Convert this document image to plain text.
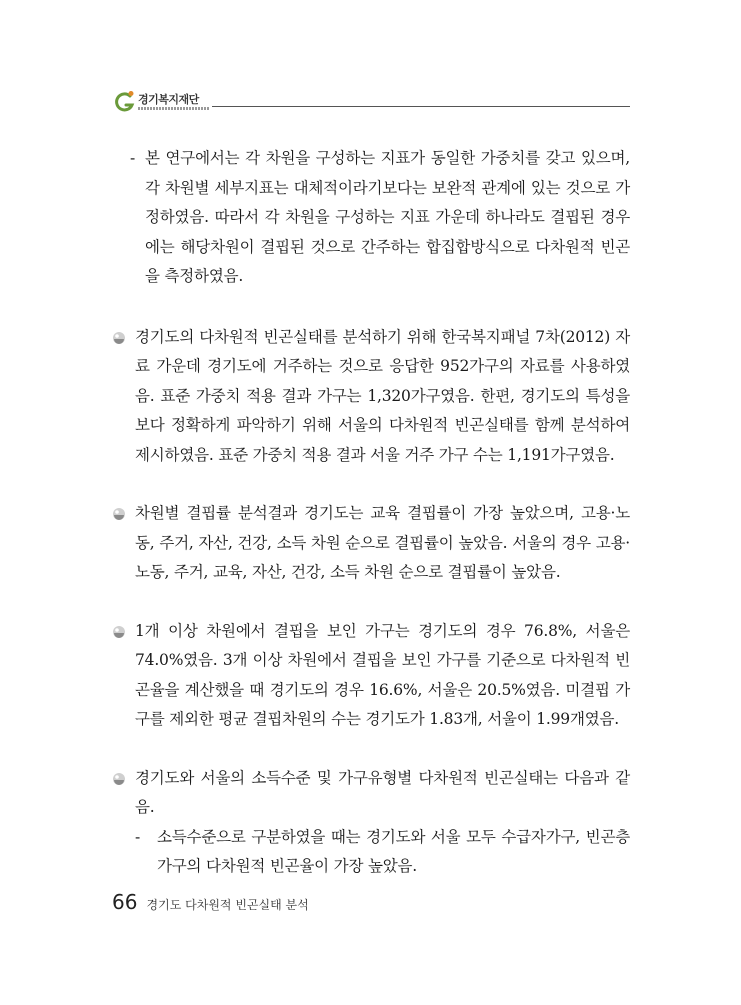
경기복지재단
- 본 연구에서는 각 차원을 구성하는 지표가 동일한 가중치를 갖고 있으며, 각 차원별 세부지표는 대체적이라기보다는 보완적 관계에 있는 것으로 가정하였음. 따라서 각 차원을 구성하는 지표 가운데 하나라도 결핍된 경우에는 해당차원이 결핍된 것으로 간주하는 합집합방식으로 다차원적 빈곤을 측정하였음.
경기도의 다차원적 빈곤실태를 분석하기 위해 한국복지패널 7차(2012) 자료 가운데 경기도에 거주하는 것으로 응답한 952가구의 자료를 사용하였음. 표준 가중치 적용 결과 가구는 1,320가구였음. 한편, 경기도의 특성을 보다 정확하게 파악하기 위해 서울의 다차원적 빈곤실태를 함께 분석하여 제시하였음. 표준 가중치 적용 결과 서울 거주 가구 수는 1,191가구였음.
차원별 결핍률 분석결과 경기도는 교육 결핍률이 가장 높았으며, 고용·노동, 주거, 자산, 건강, 소득 차원 순으로 결핍률이 높았음. 서울의 경우 고용·노동, 주거, 교육, 자산, 건강, 소득 차원 순으로 결핍률이 높았음.
1개 이상 차원에서 결핍을 보인 가구는 경기도의 경우 76.8%, 서울은 74.0%였음. 3개 이상 차원에서 결핍을 보인 가구를 기준으로 다차원적 빈곤율을 계산했을 때 경기도의 경우 16.6%, 서울은 20.5%였음. 미결핍 가구를 제외한 평균 결핍차원의 수는 경기도가 1.83개, 서울이 1.99개였음.
경기도와 서울의 소득수준 및 가구유형별 다차원적 빈곤실태는 다음과 같음.
-	소득수준으로 구분하였을 때는 경기도와 서울 모두 수급자가구, 빈곤층 가구의 다차원적 빈곤율이 가장 높았음.
66 경기도 다차원적 빈곤실태 분석
